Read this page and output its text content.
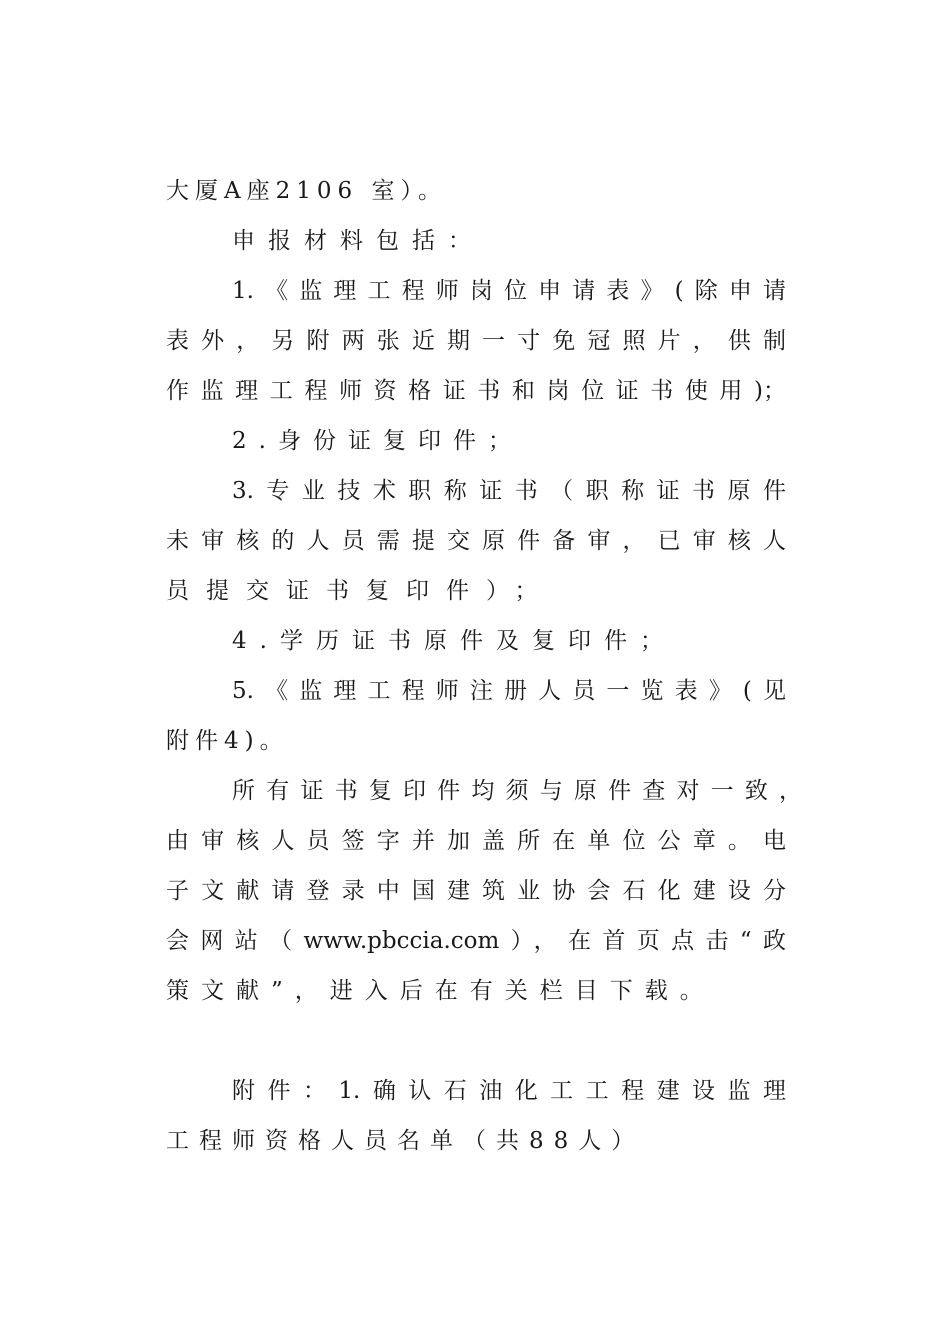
大厦A座2106 室）。
申报材料包括：
1.《监理工程师岗位申请表》(除申请
表外，另附两张近期一寸免冠照片，供制
作监理工程师资格证书和岗位证书使用)；
2.身份证复印件；
3.专业技术职称证书（职称证书原件
未审核的人员需提交原件备审，已审核人
员提交证书复印件）；
4.学历证书原件及复印件；
5.《监理工程师注册人员一览表》(见
附件4)。
所有证书复印件均须与原件查对一致，
由审核人员签字并加盖所在单位公章。电
子文献请登录中国建筑业协会石化建设分
会网站（www.pbccia.com），在首页点击“政
策文献”，进入后在有关栏目下载。
附件：1.确认石油化工工程建设监理
工程师资格人员名单（共88人）
